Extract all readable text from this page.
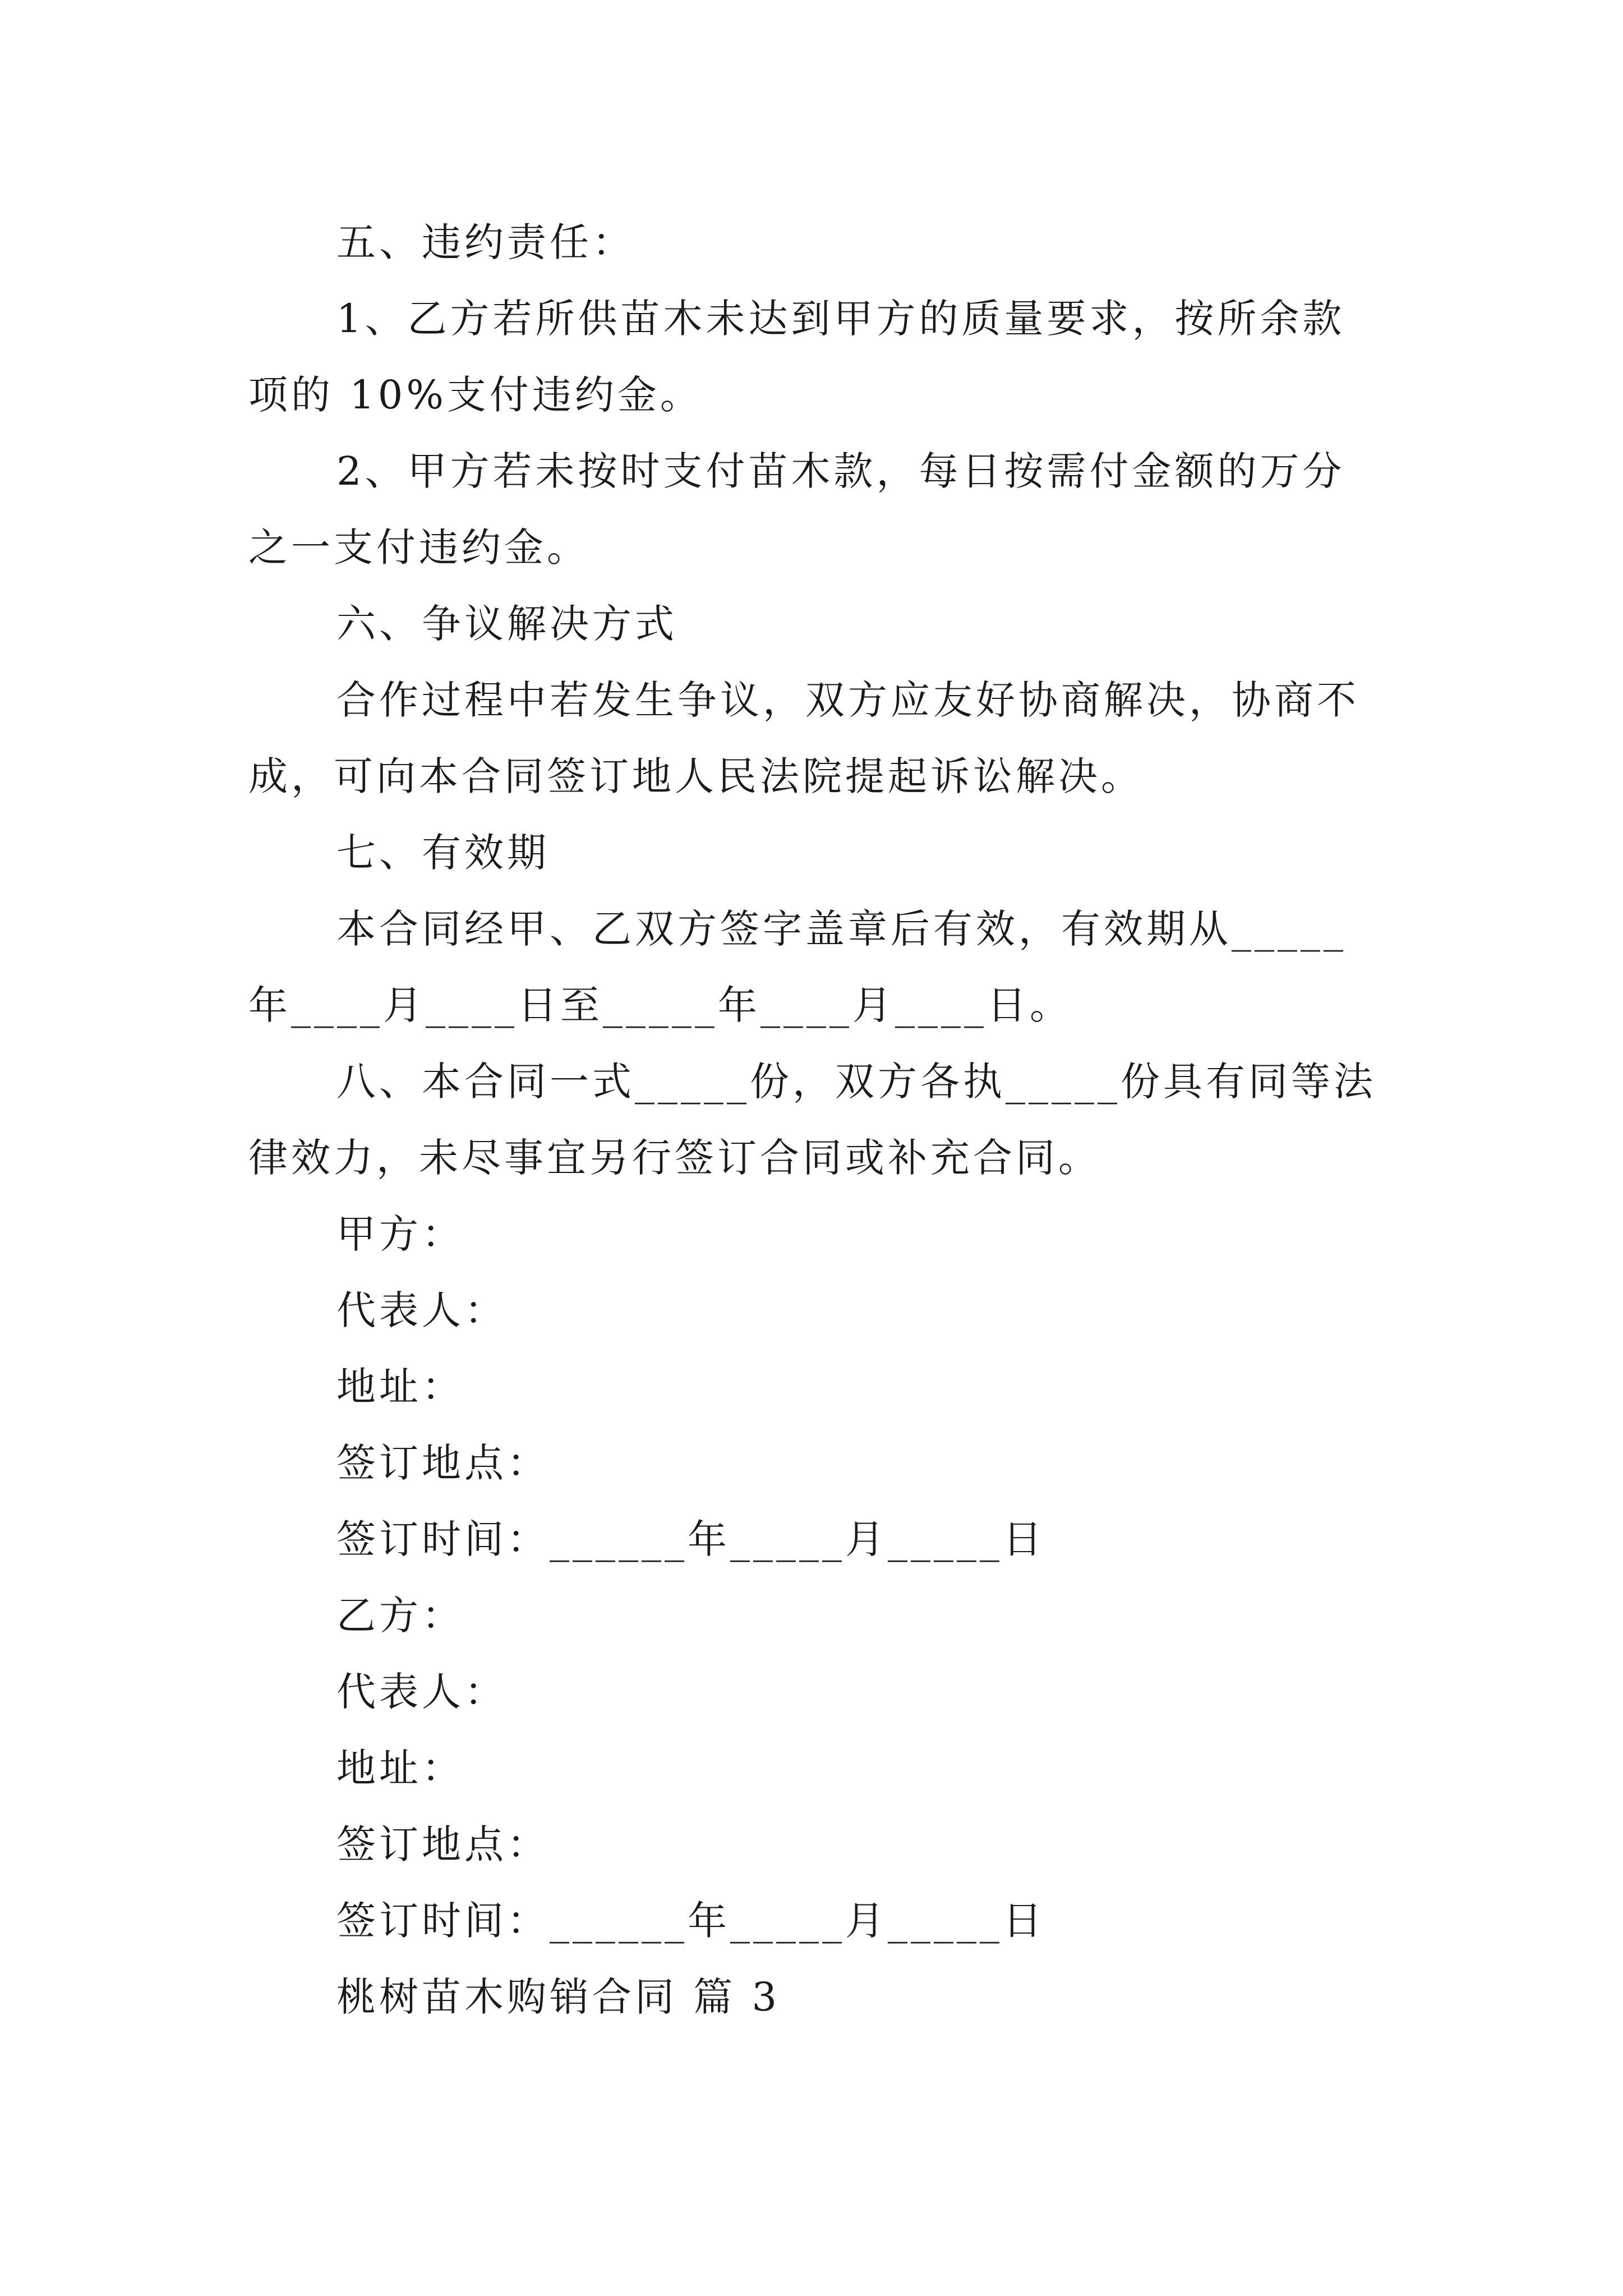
五、违约责任：

1、乙方若所供苗木未达到甲方的质量要求，按所余款

项的 10%支付违约金。

2、甲方若未按时支付苗木款，每日按需付金额的万分

之一支付违约金。

六、争议解决方式

合作过程中若发生争议，双方应友好协商解决，协商不

成，可向本合同签订地人民法院提起诉讼解决。

七、有效期

本合同经甲、乙双方签字盖章后有效，有效期从_____

年____月____日至_____年____月____日。

八、本合同一式_____份，双方各执_____份具有同等法

律效力，未尽事宜另行签订合同或补充合同。

甲方：

代表人：

地址：

签订地点：

签订时间：______年_____月_____日

乙方：

代表人：

地址：

签订地点：

签订时间：______年_____月_____日

桃树苗木购销合同 篇 3
